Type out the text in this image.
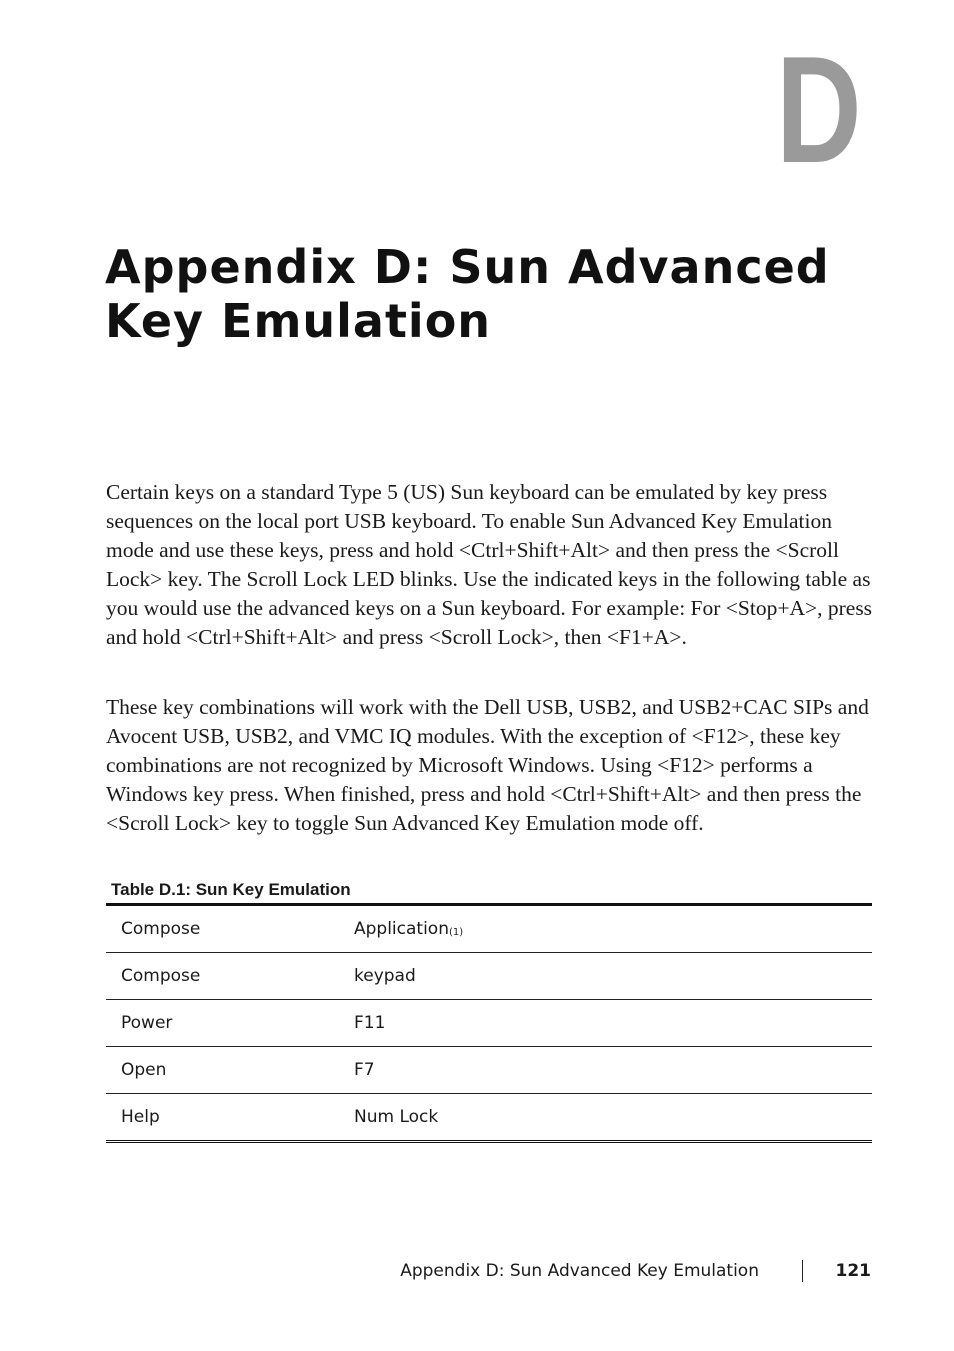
D
Appendix D: Sun Advanced Key Emulation

Certain keys on a standard Type 5 (US) Sun keyboard can be emulated by key press sequences on the local port USB keyboard. To enable Sun Advanced Key Emulation mode and use these keys, press and hold <Ctrl+Shift+Alt> and then press the <Scroll Lock> key. The Scroll Lock LED blinks. Use the indicated keys in the following table as you would use the advanced keys on a Sun keyboard. For example: For <Stop+A>, press and hold <Ctrl+Shift+Alt> and press <Scroll Lock>, then <F1+A>.

These key combinations will work with the Dell USB, USB2, and USB2+CAC SIPs and Avocent USB, USB2, and VMC IQ modules. With the exception of <F12>, these key combinations are not recognized by Microsoft Windows. Using <F12> performs a Windows key press. When finished, press and hold <Ctrl+Shift+Alt> and then press the <Scroll Lock> key to toggle Sun Advanced Key Emulation mode off.

Table D.1: Sun Key Emulation

Compose	Application(1)
Compose	keypad
Power	F11
Open	F7
Help	Num Lock
Appendix D: Sun Advanced Key Emulation	121
